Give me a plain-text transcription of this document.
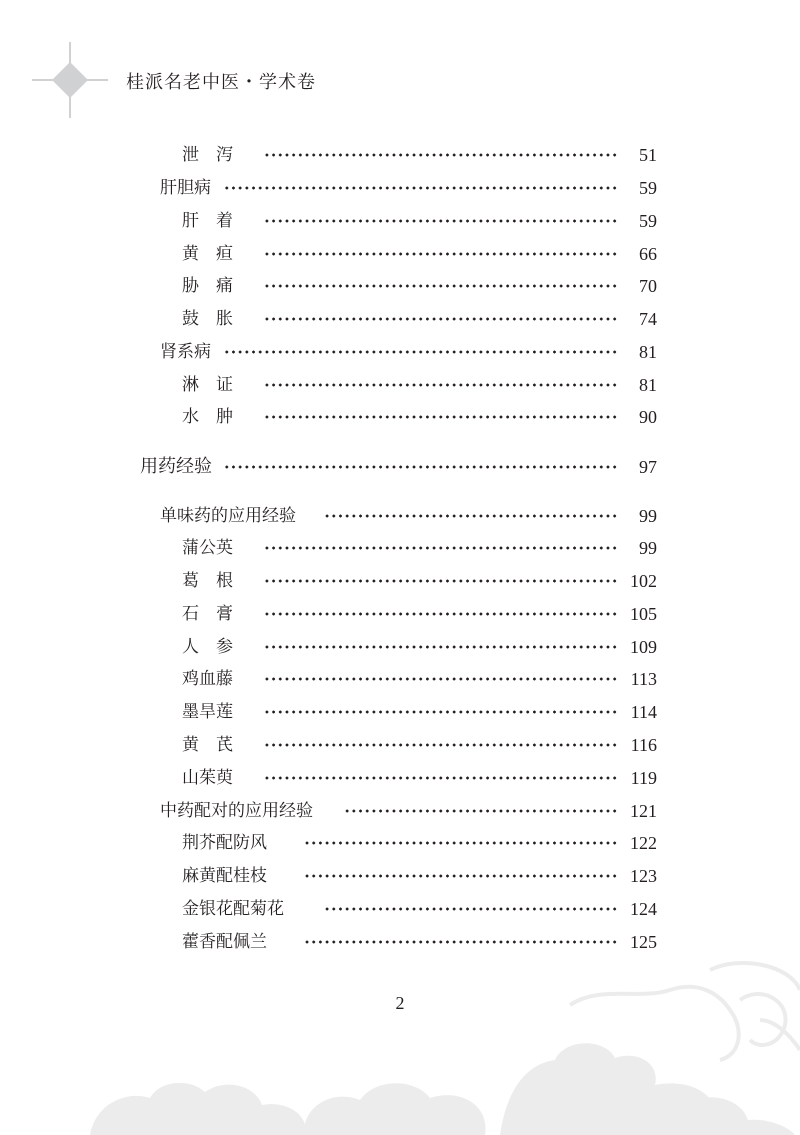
桂派名老中医・学术卷
泄　泻	51
肝胆病	59
肝　着	59
黄　疸	66
胁　痛	70
鼓　胀	74
肾系病	81
淋　证	81
水　肿	90
用药经验	97
单味药的应用经验	99
蒲公英	99
葛　根	102
石　膏	105
人　参	109
鸡血藤	113
墨旱莲	114
黄　芪	116
山茱萸	119
中药配对的应用经验	121
荆芥配防风	122
麻黄配桂枝	123
金银花配菊花	124
藿香配佩兰	125
2
